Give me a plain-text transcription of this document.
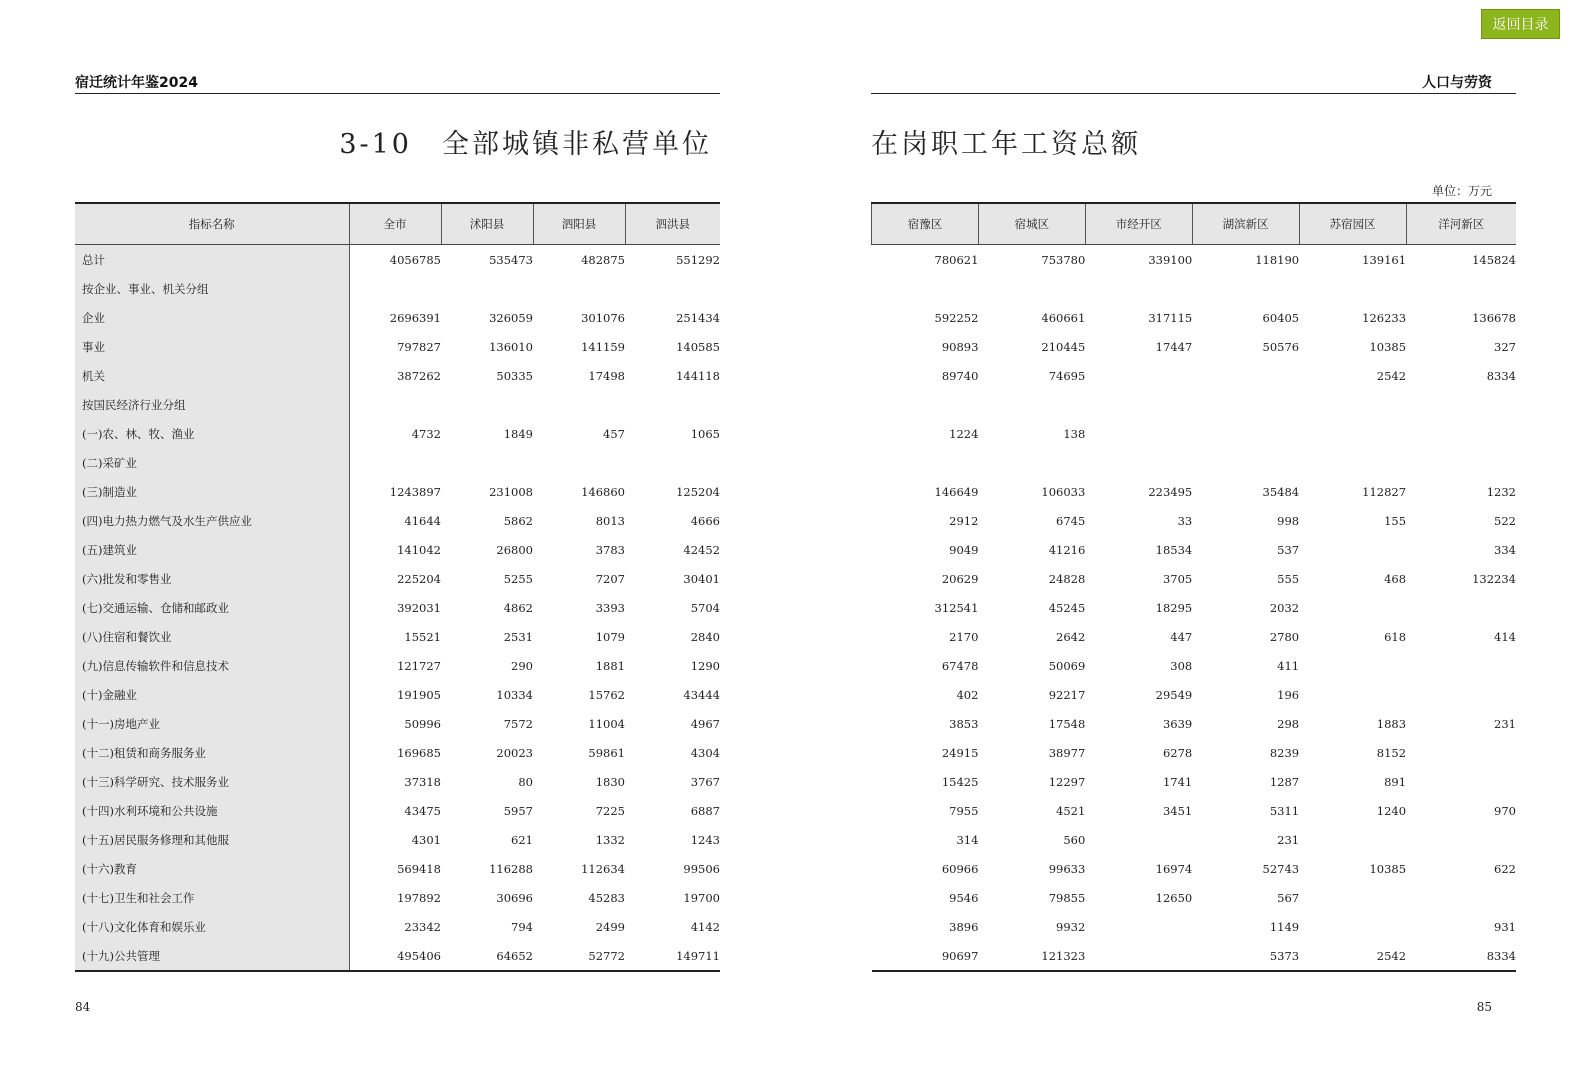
返回目录
宿迁统计年鉴2024	人口与劳资
3-10　全部城镇非私营单位	在岗职工年工资总额
单位：万元
指标名称	全市	沭阳县	泗阳县	泗洪县
总计	4056785	535473	482875	551292
按企业、事业、机关分组				
企业	2696391	326059	301076	251434
事业	797827	136010	141159	140585
机关	387262	50335	17498	144118
按国民经济行业分组				
(一)农、林、牧、渔业	4732	1849	457	1065
(二)采矿业				
(三)制造业	1243897	231008	146860	125204
(四)电力热力燃气及水生产供应业	41644	5862	8013	4666
(五)建筑业	141042	26800	3783	42452
(六)批发和零售业	225204	5255	7207	30401
(七)交通运输、仓储和邮政业	392031	4862	3393	5704
(八)住宿和餐饮业	15521	2531	1079	2840
(九)信息传输软件和信息技术	121727	290	1881	1290
(十)金融业	191905	10334	15762	43444
(十一)房地产业	50996	7572	11004	4967
(十二)租赁和商务服务业	169685	20023	59861	4304
(十三)科学研究、技术服务业	37318	80	1830	3767
(十四)水利环境和公共设施	43475	5957	7225	6887
(十五)居民服务修理和其他服	4301	621	1332	1243
(十六)教育	569418	116288	112634	99506
(十七)卫生和社会工作	197892	30696	45283	19700
(十八)文化体育和娱乐业	23342	794	2499	4142
(十九)公共管理	495406	64652	52772	149711
宿豫区	宿城区	市经开区	湖滨新区	苏宿园区	洋河新区
780621	753780	339100	118190	139161	145824

592252	460661	317115	60405	126233	136678
90893	210445	17447	50576	10385	327
89740	74695			2542	8334

1224	138				

146649	106033	223495	35484	112827	1232
2912	6745	33	998	155	522
9049	41216	18534	537		334
20629	24828	3705	555	468	132234
312541	45245	18295	2032		
2170	2642	447	2780	618	414
67478	50069	308	411		
402	92217	29549	196		
3853	17548	3639	298	1883	231
24915	38977	6278	8239	8152	
15425	12297	1741	1287	891	
7955	4521	3451	5311	1240	970
314	560		231		
60966	99633	16974	52743	10385	622
9546	79855	12650	567		
3896	9932		1149		931
90697	121323		5373	2542	8334
84	85
